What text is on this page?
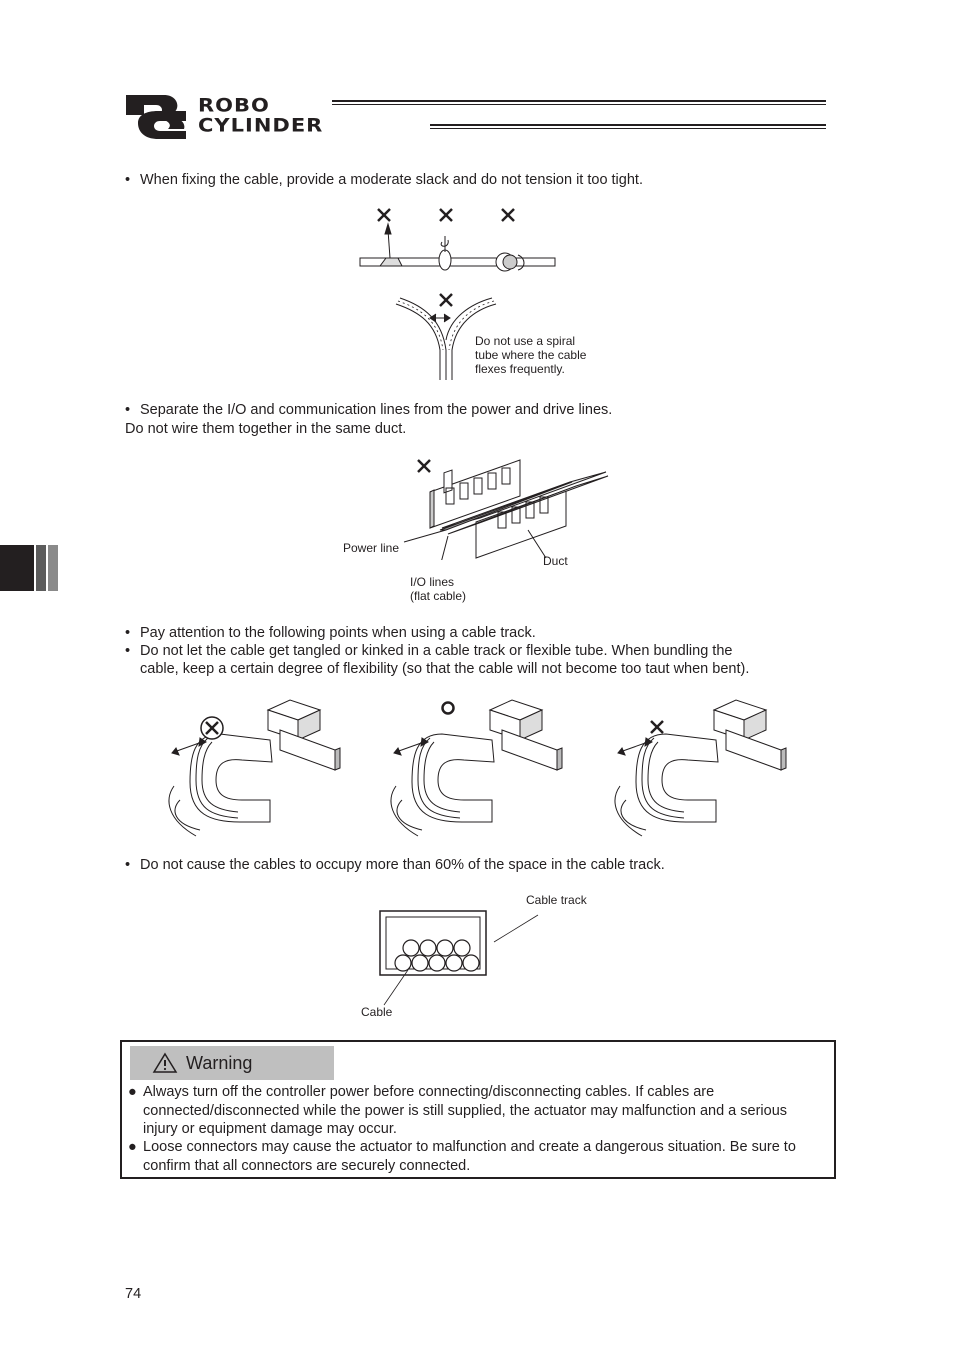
ROBO
CYLINDER
• When fixing the cable, provide a moderate slack and do not tension it too tight.
Do not use a spiral
tube where the cable
flexes frequently.
• Separate the I/O and communication lines from the power and drive lines.
Do not wire them together in the same duct.
Power line
Duct
I/O lines
(flat cable)
• Pay attention to the following points when using a cable track.
• Do not let the cable get tangled or kinked in a cable track or flexible tube. When bundling the
cable, keep a certain degree of flexibility (so that the cable will not become too taut when bent).
• Do not cause the cables to occupy more than 60% of the space in the cable track.
Cable track
Cable
Warning
● Always turn off the controller power before connecting/disconnecting cables. If cables are connected/disconnected while the power is still supplied, the actuator may malfunction and a serious injury or equipment damage may occur.
● Loose connectors may cause the actuator to malfunction and create a dangerous situation. Be sure to confirm that all connectors are securely connected.
74
